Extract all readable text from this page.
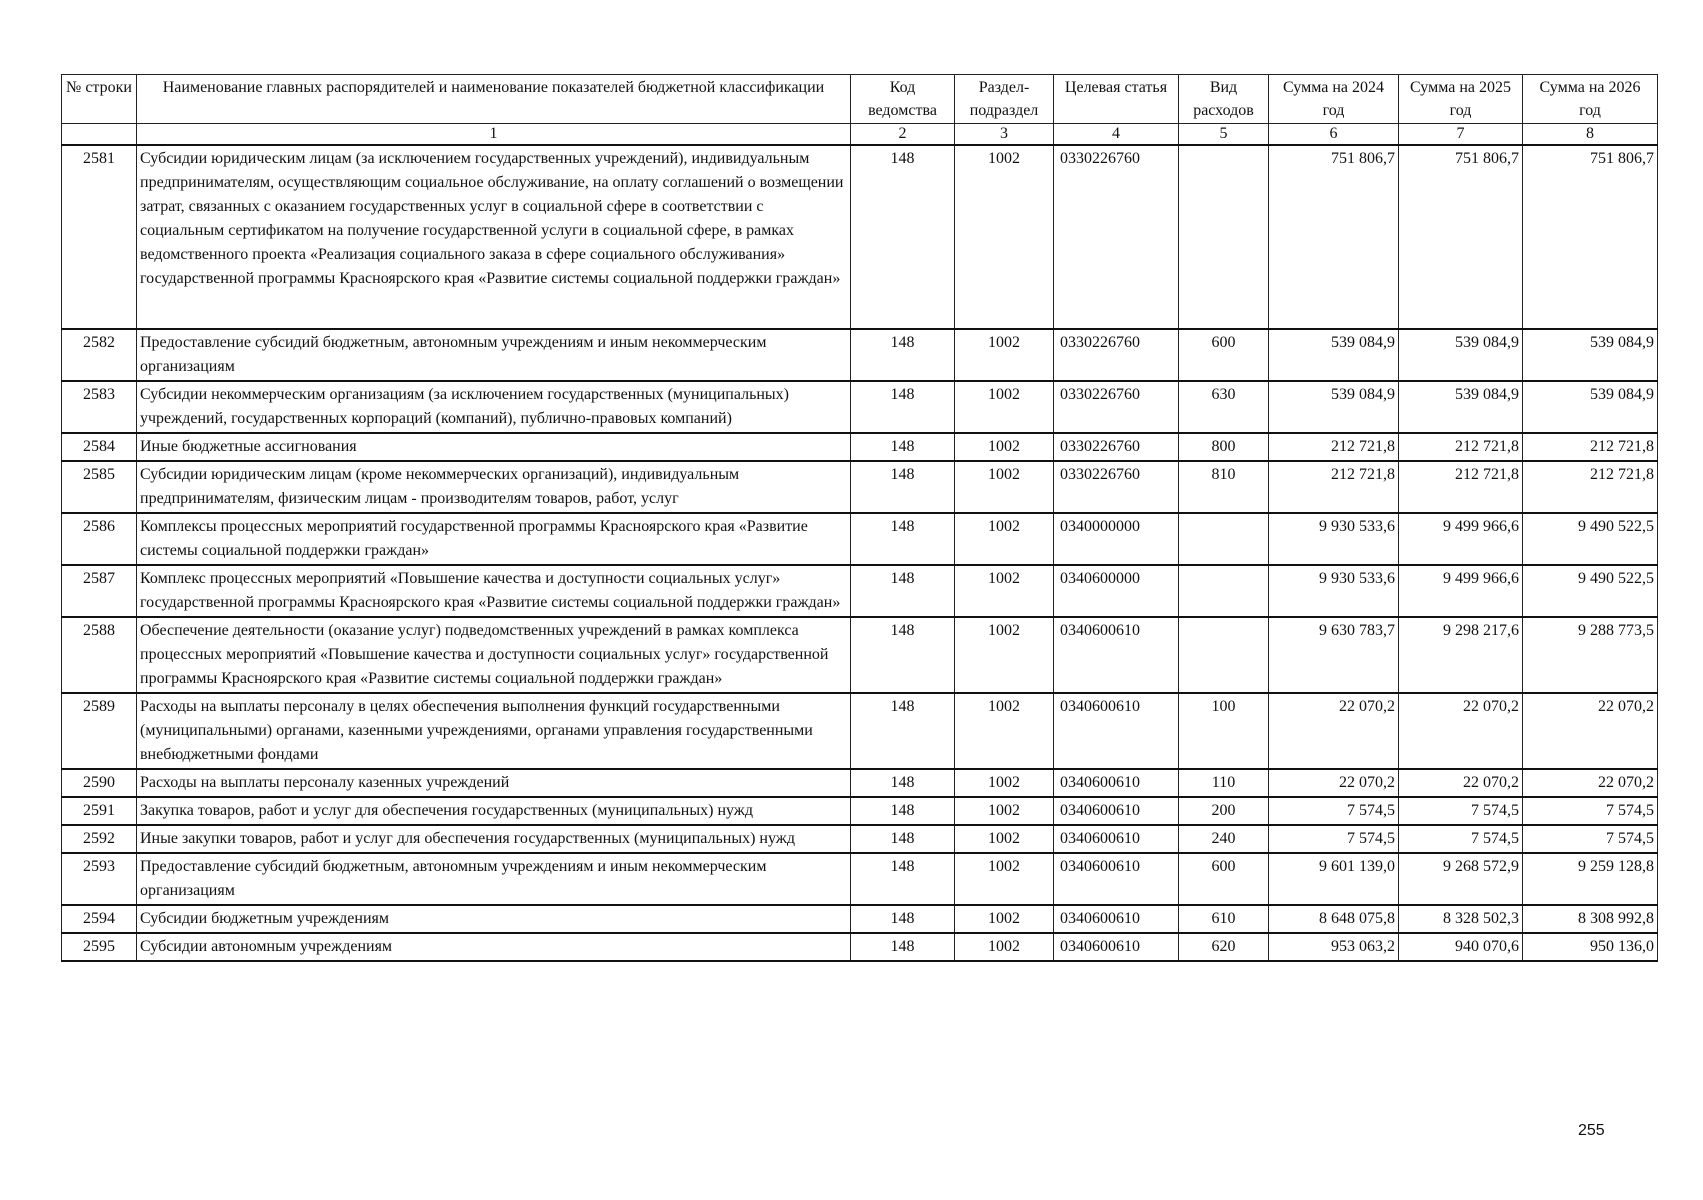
№ строки	Наименование главных распорядителей и наименование показателей бюджетной классификации	Код ведомства	Раздел-подраздел	Целевая статья	Вид расходов	Сумма на 2024 год	Сумма на 2025 год	Сумма на 2026 год
	1	2	3	4	5	6	7	8
2581	Субсидии юридическим лицам (за исключением государственных учреждений), индивидуальным предпринимателям, осуществляющим социальное обслуживание, на оплату соглашений о возмещении затрат, связанных с оказанием государственных услуг в социальной сфере в соответствии с социальным сертификатом на получение государственной услуги в социальной сфере, в рамках ведомственного проекта «Реализация социального заказа в сфере социального обслуживания» государственной программы Красноярского края «Развитие системы социальной поддержки граждан»	148	1002	0330226760		751 806,7	751 806,7	751 806,7
2582	Предоставление субсидий бюджетным, автономным учреждениям и иным некоммерческим организациям	148	1002	0330226760	600	539 084,9	539 084,9	539 084,9
2583	Субсидии некоммерческим организациям (за исключением государственных (муниципальных) учреждений, государственных корпораций (компаний), публично-правовых компаний)	148	1002	0330226760	630	539 084,9	539 084,9	539 084,9
2584	Иные бюджетные ассигнования	148	1002	0330226760	800	212 721,8	212 721,8	212 721,8
2585	Субсидии юридическим лицам (кроме некоммерческих организаций), индивидуальным предпринимателям, физическим лицам - производителям товаров, работ, услуг	148	1002	0330226760	810	212 721,8	212 721,8	212 721,8
2586	Комплексы процессных мероприятий государственной программы Красноярского края «Развитие системы социальной поддержки граждан»	148	1002	0340000000		9 930 533,6	9 499 966,6	9 490 522,5
2587	Комплекс процессных мероприятий «Повышение качества и доступности социальных услуг» государственной программы Красноярского края «Развитие системы социальной поддержки граждан»	148	1002	0340600000		9 930 533,6	9 499 966,6	9 490 522,5
2588	Обеспечение деятельности (оказание услуг) подведомственных учреждений в рамках комплекса процессных мероприятий «Повышение качества и доступности социальных услуг» государственной программы Красноярского края «Развитие системы социальной поддержки граждан»	148	1002	0340600610		9 630 783,7	9 298 217,6	9 288 773,5
2589	Расходы на выплаты персоналу в целях обеспечения выполнения функций государственными (муниципальными) органами, казенными учреждениями, органами управления государственными внебюджетными фондами	148	1002	0340600610	100	22 070,2	22 070,2	22 070,2
2590	Расходы на выплаты персоналу казенных учреждений	148	1002	0340600610	110	22 070,2	22 070,2	22 070,2
2591	Закупка товаров, работ и услуг для обеспечения государственных (муниципальных) нужд	148	1002	0340600610	200	7 574,5	7 574,5	7 574,5
2592	Иные закупки товаров, работ и услуг для обеспечения государственных (муниципальных) нужд	148	1002	0340600610	240	7 574,5	7 574,5	7 574,5
2593	Предоставление субсидий бюджетным, автономным учреждениям и иным некоммерческим организациям	148	1002	0340600610	600	9 601 139,0	9 268 572,9	9 259 128,8
2594	Субсидии бюджетным учреждениям	148	1002	0340600610	610	8 648 075,8	8 328 502,3	8 308 992,8
2595	Субсидии автономным учреждениям	148	1002	0340600610	620	953 063,2	940 070,6	950 136,0
255
